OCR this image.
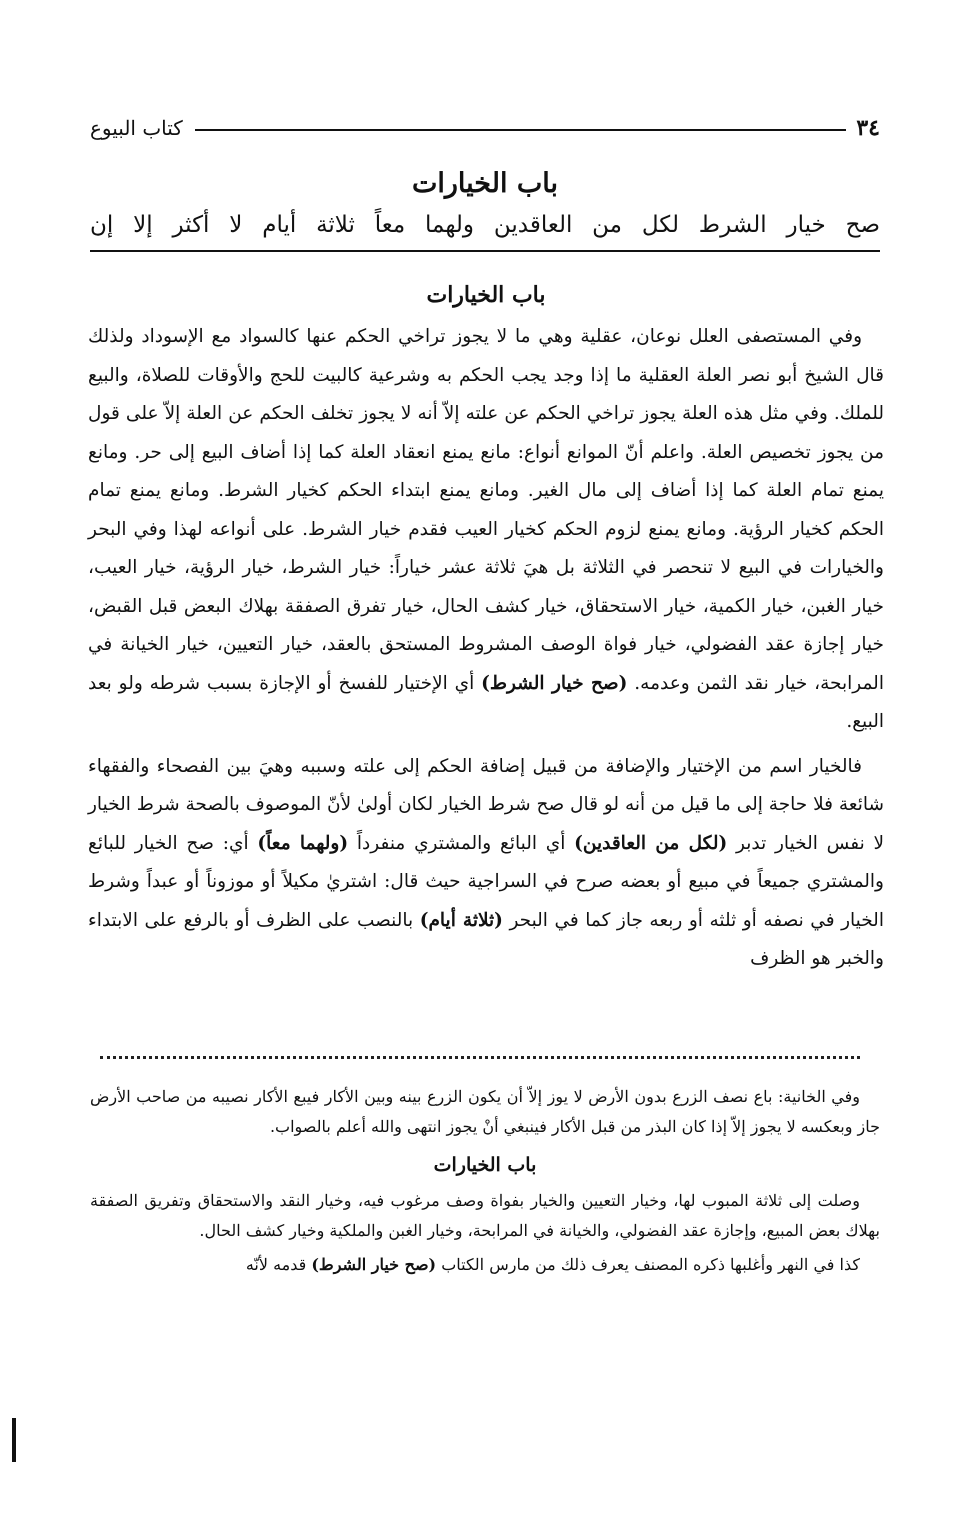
٣٤
كتاب البيوع
باب الخيارات

صح خيار الشرط لكل من العاقدين ولهما معاً ثلاثة أيام لا أكثر إلا إن

باب الخيارات

وفي المستصفى العلل نوعان، عقلية وهي ما لا يجوز تراخي الحكم عنها كالسواد مع الإسوداد ولذلك قال الشيخ أبو نصر العلة العقلية ما إذا وجد يجب الحكم به وشرعية كالبيت للحج والأوقات للصلاة، والبيع للملك. وفي مثل هذه العلة يجوز تراخي الحكم عن علته إلاّ أنه لا يجوز تخلف الحكم عن العلة إلاّ على قول من يجوز تخصيص العلة. واعلم أنّ الموانع أنواع: مانع يمنع انعقاد العلة كما إذا أضاف البيع إلى حر. ومانع يمنع تمام العلة كما إذا أضاف إلى مال الغير. ومانع يمنع ابتداء الحكم كخيار الشرط. ومانع يمنع تمام الحكم كخيار الرؤية. ومانع يمنع لزوم الحكم كخيار العيب فقدم خيار الشرط. على أنواعه لهذا وفي البحر والخيارات في البيع لا تنحصر في الثلاثة بل هيَ ثلاثة عشر خياراً: خيار الشرط، خيار الرؤية، خيار العيب، خيار الغبن، خيار الكمية، خيار الاستحقاق، خيار كشف الحال، خيار تفرق الصفقة بهلاك البعض قبل القبض، خيار إجازة عقد الفضولي، خيار فواة الوصف المشروط المستحق بالعقد، خيار التعيين، خيار الخيانة في المرابحة، خيار نقد الثمن وعدمه. (صح خيار الشرط) أي الإختيار للفسخ أو الإجازة بسبب شرطه ولو بعد البيع.

فالخيار اسم من الإختيار والإضافة من قبيل إضافة الحكم إلى علته وسببه وهيَ بين الفصحاء والفقهاء شائعة فلا حاجة إلى ما قيل من أنه لو قال صح شرط الخيار لكان أولىٰ لأنّ الموصوف بالصحة شرط الخيار لا نفس الخيار تدبر (لكل من العاقدين) أي البائع والمشتري منفرداً (ولهما معاً) أي: صح الخيار للبائع والمشتري جميعاً في مبيع أو بعضه صرح في السراجية حيث قال: اشتريٰ مكيلاً أو موزوناً أو عبداً وشرط الخيار في نصفه أو ثلثه أو ربعه جاز كما في البحر (ثلاثة أيام) بالنصب على الظرف أو بالرفع على الابتداء والخبر هو الظرف

وفي الخانية: باع نصف الزرع بدون الأرض لا يوز إلاّ أن يكون الزرع بينه وبين الأكار فيبع الأكار نصيبه من صاحب الأرض جاز وبعكسه لا يجوز إلاّ إذا كان البذر من قبل الأكار فينبغي أنْ يجوز انتهى والله أعلم بالصواب.

باب الخيارات

وصلت إلى ثلاثة المبوب لها، وخيار التعيين والخيار بفواة وصف مرغوب فيه، وخيار النقد والاستحقاق وتفريق الصفقة بهلاك بعض المبيع، وإجازة عقد الفضولي، والخيانة في المرابحة، وخيار الغبن والملكية وخيار كشف الحال.

كذا في النهر وأغلبها ذكره المصنف يعرف ذلك من مارس الكتاب (صح خيار الشرط) قدمه لأنّه
